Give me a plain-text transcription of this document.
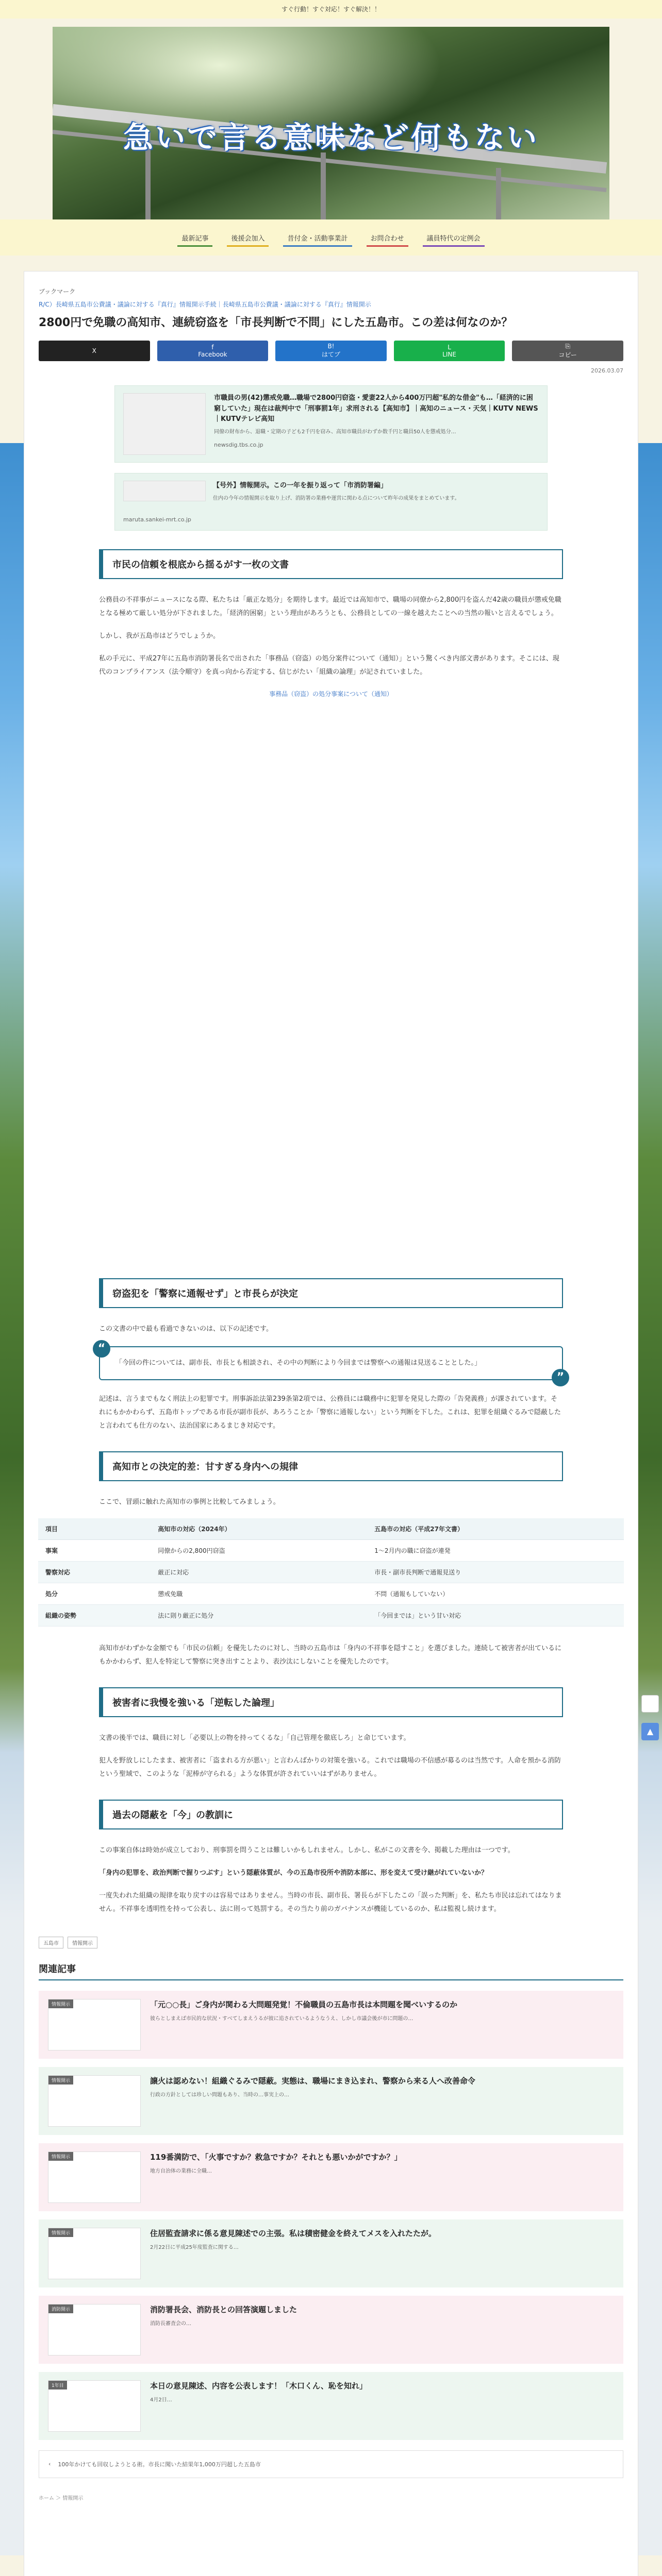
すぐ行動！すぐ対応！すぐ解決！！
急いで言る意味など何もない
最新記事	後援会加入	昔付金・活動事業計	お問合わせ	議員特代の定例会
ブックマーク
R/C）長崎県五島市公費議・議論に対する『真行』情報開示手続｜長崎県五島市公費議・議論に対する『真行』情報開示
2800円で免職の高知市、連続窃盗を「市長判断で不問」にした五島市。この差は何なのか？
X	f
Facebook
B!
はてブ
L
LINE
⎘
コピー
2026.03.07
市職員の男(42)懲戒免職…職場で2800円窃盗・愛妻22人から400万円超"私的な借金"も…「経済的に困窮していた」現在は裁判中で「刑事罰1年」求刑される【高知市】｜高知のニュース・天気｜KUTV NEWS｜KUTVテレビ高知
同僚の財布から、退職・定期の子ども2千円を窃み、高知市職員がわずか数千円と職員50人を懲戒処分…
newsdig.tbs.co.jp
【号外】情報開示。この一年を振り返って「市消防署編」
住内の今年の情報開示を取り上げ、消防署の業務や運営に関わる点について昨年の成果をまとめています。
maruta.sankei-mrt.co.jp
市民の信頼を根底から揺るがす一枚の文書

公務員の不祥事がニュースになる際、私たちは「厳正な処分」を期待します。最近では高知市で、職場の同僚から2,800円を盗んだ42歳の職員が懲戒免職となる極めて厳しい処分が下されました。「経済的困窮」という理由があろうとも、公務員としての一線を越えたことへの当然の報いと言えるでしょう。

しかし、我が五島市はどうでしょうか。

私の手元に、平成27年に五島市消防署長名で出された「事務品（窃盗）の処分案件について（通知）」という驚くべき内部文書があります。そこには、現代のコンプライアンス（法令順守）を真っ向から否定する、信じがたい「組織の論理」が記されていました。

事務品（窃盗）の処分事案について（通知）
窃盗犯を「警察に通報せず」と市長らが決定

この文書の中で最も看過できないのは、以下の記述です。

“
「今回の件については、副市長、市長とも相談され、その中の判断により今回までは警察への通報は見送ることとした。」
”

記述は、言うまでもなく刑法上の犯罪です。刑事訴訟法第239条第2項では、公務員には職務中に犯罪を発見した際の「告発義務」が課されています。それにもかかわらず、五島市トップである市長が副市長が、あろうことか「警察に通報しない」という判断を下した。これは、犯罪を組織ぐるみで隠蔽したと言われても仕方のない、法治国家にあるまじき対応です。

高知市との決定的差：甘すぎる身内への規律

ここで、冒頭に触れた高知市の事例と比較してみましょう。

項目	高知市の対応（2024年）	五島市の対応（平成27年文書）
事案	同僚からの2,800円窃盗	1〜2月内の職に窃盗が連発
警察対応	厳正に対応	市長・副市長判断で通報見送り
処分	懲戒免職	不問（通報もしていない）
組織の姿勢	法に則り厳正に処分	「今回までは」という甘い対応

高知市がわずかな金額でも「市民の信頼」を優先したのに対し、当時の五島市は「身内の不祥事を隠すこと」を選びました。連続して被害者が出ているにもかかわらず、犯人を特定して警察に突き出すことより、表沙汰にしないことを優先したのです。

被害者に我慢を強いる「逆転した論理」

文書の後半では、職員に対し「必要以上の物を持ってくるな」「自己管理を徹底しろ」と命じています。

犯人を野放しにしたまま、被害者に「盗まれる方が悪い」と言わんばかりの対策を強いる。これでは職場の不信感が募るのは当然です。人命を預かる消防という聖域で、このような「泥棒が守られる」ような体質が許されていいはずがありません。

過去の隠蔽を「今」の教訓に

この事案自体は時効が成立しており、刑事罰を問うことは難しいかもしれません。しかし、私がこの文書を今、掲載した理由は一つです。

「身内の犯罪を、政治判断で握りつぶす」という隠蔽体質が、今の五島市役所や消防本部に、形を変えて受け継がれていないか？

一度失われた組織の規律を取り戻すのは容易ではありません。当時の市長、副市長、署長らが下したこの「誤った判断」を、私たち市民は忘れてはなりません。不祥事を透明性を持って公表し、法に則って処罰する。その当たり前のガバナンスが機能しているのか、私は監視し続けます。

五島市	情報開示
関連記事
情報開示	「元○○長」ご身内が関わる大問題発覚！不倫職員の五島市長は本問題を聞べいするのか
彼らとしまえば市民的な状況・すべてしまえうるが彼に追されているようなうえ、しかし市議会後が市に問題の…
情報開示	譲火は認めない！組織ぐるみで隠蔽。実態は、職場にまき込まれ、警察から来る人へ改善命令
行政の方針としては珍しい問題もあり、当時の…事実上の…
情報開示	119番満防で、「火事ですか？救急ですか？それとも悪いかがですか？」
地方自治体の業務に全職…
情報開示	住居監査請求に係る意見陳述での主張。私は積密健金を終えてメスを入れたたが。
2月22日に平成25年度監査に関する…
消防開示	消防署長会、消防長との回答演題しました
消防長審査会の…
1年目	本日の意見陳述、内容を公表します！「木口くん、恥を知れ」
4月2日…
‹ 100年かけても回収しようとる術。市長に聞いた結果年1,000万円超した五島市
ホーム ＞ 情報開示
▲
